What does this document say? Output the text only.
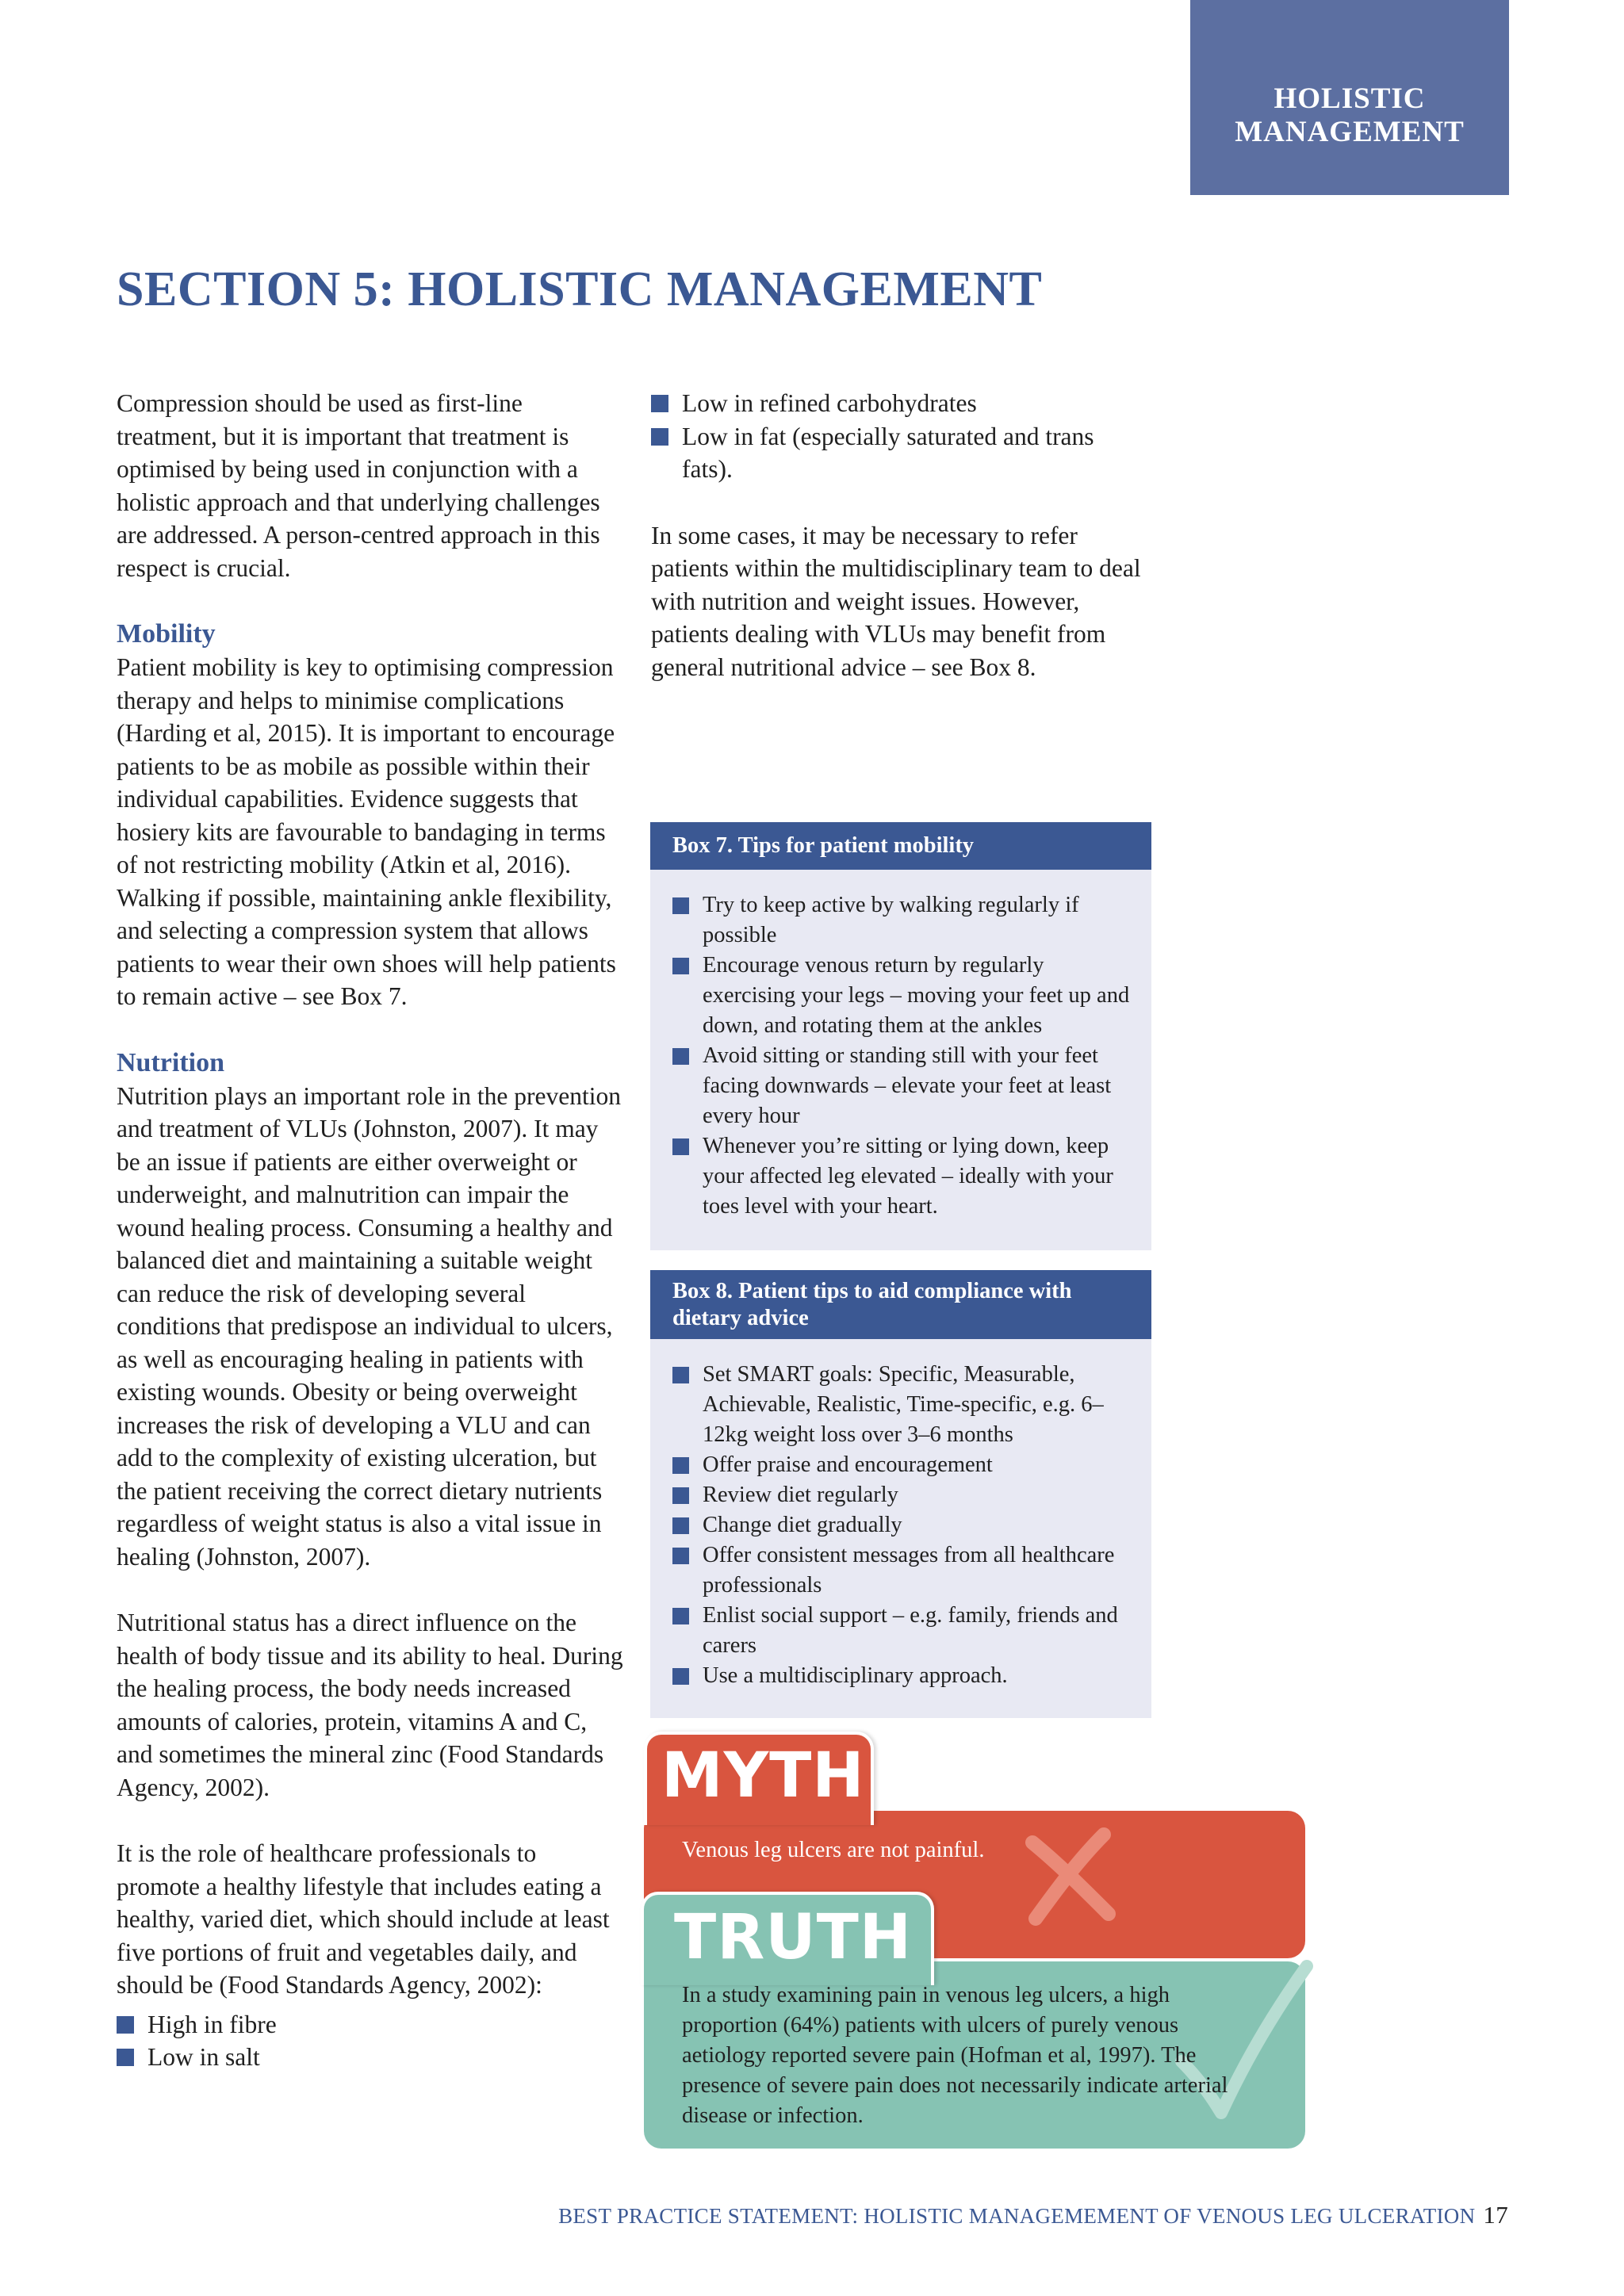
HOLISTIC
MANAGEMENT
SECTION 5: HOLISTIC MANAGEMENT

Compression should be used as first-line treatment, but it is important that treatment is optimised by being used in conjunction with a holistic approach and that underlying challenges are addressed. A person-centred approach in this respect is crucial.

Mobility

Patient mobility is key to optimising compression therapy and helps to minimise complications (Harding et al, 2015). It is important to encourage patients to be as mobile as possible within their individual capabilities. Evidence suggests that hosiery kits are favourable to bandaging in terms of not restricting mobility (Atkin et al, 2016). Walking if possible, maintaining ankle flexibility, and selecting a compression system that allows patients to wear their own shoes will help patients to remain active – see Box 7.

Nutrition

Nutrition plays an important role in the prevention and treatment of VLUs (Johnston, 2007). It may be an issue if patients are either overweight or underweight, and malnutrition can impair the wound healing process. Consuming a healthy and balanced diet and maintaining a suitable weight can reduce the risk of developing several conditions that predispose an individual to ulcers, as well as encouraging healing in patients with existing wounds. Obesity or being overweight increases the risk of developing a VLU and can add to the complexity of existing ulceration, but the patient receiving the correct dietary nutrients regardless of weight status is also a vital issue in healing (Johnston, 2007).

Nutritional status has a direct influence on the health of body tissue and its ability to heal. During the healing process, the body needs increased amounts of calories, protein, vitamins A and C, and sometimes the mineral zinc (Food Standards Agency, 2002).

It is the role of healthcare professionals to promote a healthy lifestyle that includes eating a healthy, varied diet, which should include at least five portions of fruit and vegetables daily, and should be (Food Standards Agency, 2002):

High in fibre
Low in salt
Low in refined carbohydrates
Low in fat (especially saturated and trans fats).

In some cases, it may be necessary to refer patients within the multidisciplinary team to deal with nutrition and weight issues. However, patients dealing with VLUs may benefit from general nutritional advice – see Box 8.

Box 7. Tips for patient mobility
Try to keep active by walking regularly if possible
Encourage venous return by regularly exercising your legs – moving your feet up and down, and rotating them at the ankles
Avoid sitting or standing still with your feet facing downwards – elevate your feet at least every hour
Whenever you’re sitting or lying down, keep your affected leg elevated – ideally with your toes level with your heart.
Box 8. Patient tips to aid compliance with dietary advice
Set SMART goals: Specific, Measurable, Achievable, Realistic, Time-specific, e.g. 6–12kg weight loss over 3–6 months
Offer praise and encouragement
Review diet regularly
Change diet gradually
Offer consistent messages from all healthcare professionals
Enlist social support – e.g. family, friends and carers
Use a multidisciplinary approach.
MYTH
Venous leg ulcers are not painful.
TRUTH
In a study examining pain in venous leg ulcers, a high proportion (64%) patients with ulcers of purely venous aetiology reported severe pain (Hofman et al, 1997). The presence of severe pain does not necessarily indicate arterial disease or infection.
BEST PRACTICE STATEMENT: HOLISTIC MANAGEMEMENT OF VENOUS LEG ULCERATION 17
